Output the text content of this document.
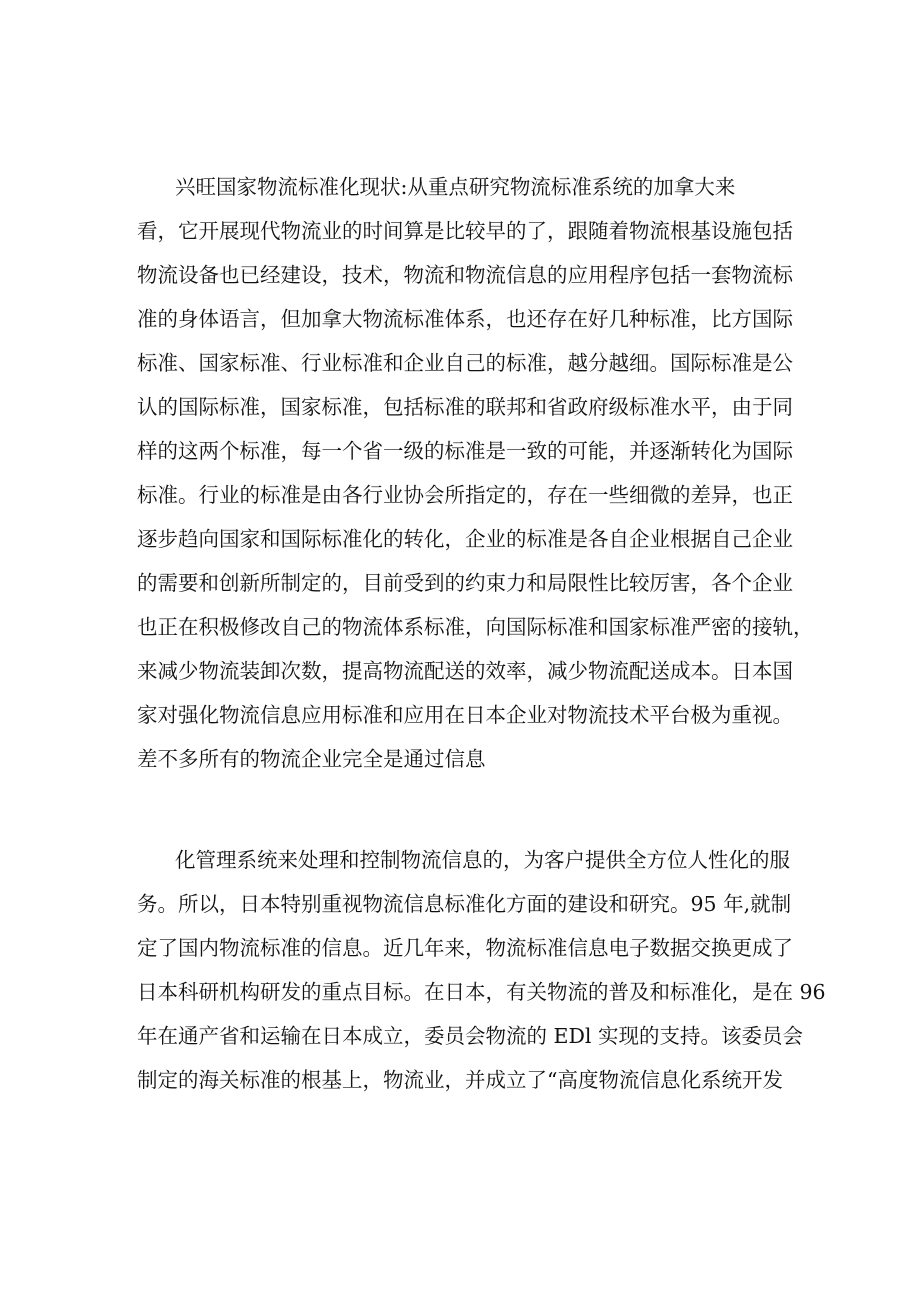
兴旺国家物流标准化现状:从重点研究物流标准系统的加拿大来
看，它开展现代物流业的时间算是比较早的了，跟随着物流根基设施包括
物流设备也已经建设，技术，物流和物流信息的应用程序包括一套物流标
准的身体语言，但加拿大物流标准体系，也还存在好几种标准，比方国际
标准、国家标准、行业标准和企业自己的标准，越分越细。国际标准是公
认的国际标准，国家标准，包括标准的联邦和省政府级标准水平，由于同
样的这两个标准，每一个省一级的标准是一致的可能，并逐渐转化为国际
标准。行业的标准是由各行业协会所指定的，存在一些细微的差异，也正
逐步趋向国家和国际标准化的转化，企业的标准是各自企业根据自己企业
的需要和创新所制定的，目前受到的约束力和局限性比较厉害，各个企业
也正在积极修改自己的物流体系标准，向国际标准和国家标准严密的接轨，
来减少物流装卸次数，提高物流配送的效率，减少物流配送成本。日本国
家对强化物流信息应用标准和应用在日本企业对物流技术平台极为重视。
差不多所有的物流企业完全是通过信息
化管理系统来处理和控制物流信息的，为客户提供全方位人性化的服
务。所以，日本特别重视物流信息标准化方面的建设和研究。95 年,就制
定了国内物流标准的信息。近几年来，物流标准信息电子数据交换更成了
日本科研机构研发的重点目标。在日本，有关物流的普及和标准化，是在 96
年在通产省和运输在日本成立，委员会物流的 EDl 实现的支持。该委员会
制定的海关标准的根基上，物流业，并成立了“高度物流信息化系统开发
